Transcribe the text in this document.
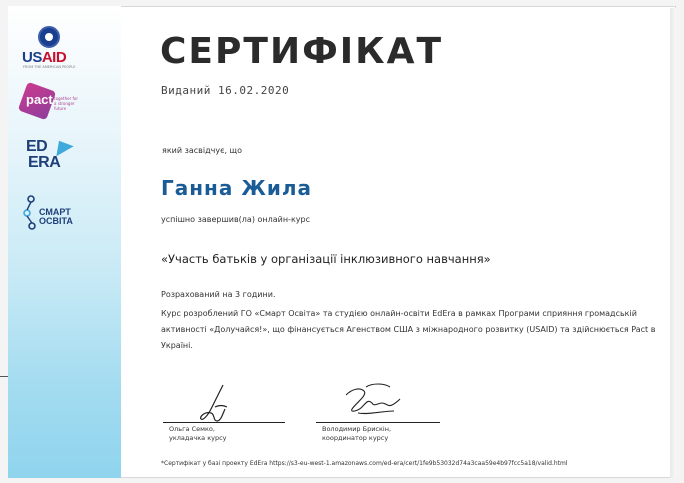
USAID
FROM THE AMERICAN PEOPLE
pact together for a stronger future
ED
ERA
СМАРТ
ОСВІТА
СЕРТИФІКАТ
Виданий 16.02.2020
який засвідчує, що
Ганна Жила
успішно завершив(ла) онлайн-курс
«Участь батьків у організації інклюзивного навчання»
Розрахований на 3 години.
Курс розроблений ГО «Смарт Освіта» та студією онлайн-освіти EdEra в рамках Програми сприяння громадській активності «Долучайся!», що фінансується Агенством США з міжнародного розвитку (USAID) та здійснюється Pact в Україні.
Ольга Семко,
укладачка курсу
Володимир Брискін,
координатор курсу
*Сертифікат у базі проекту EdEra https://s3-eu-west-1.amazonaws.com/ed-era/cert/1fe9b53032d74a3caa59e4b97fcc5a18/valid.html
